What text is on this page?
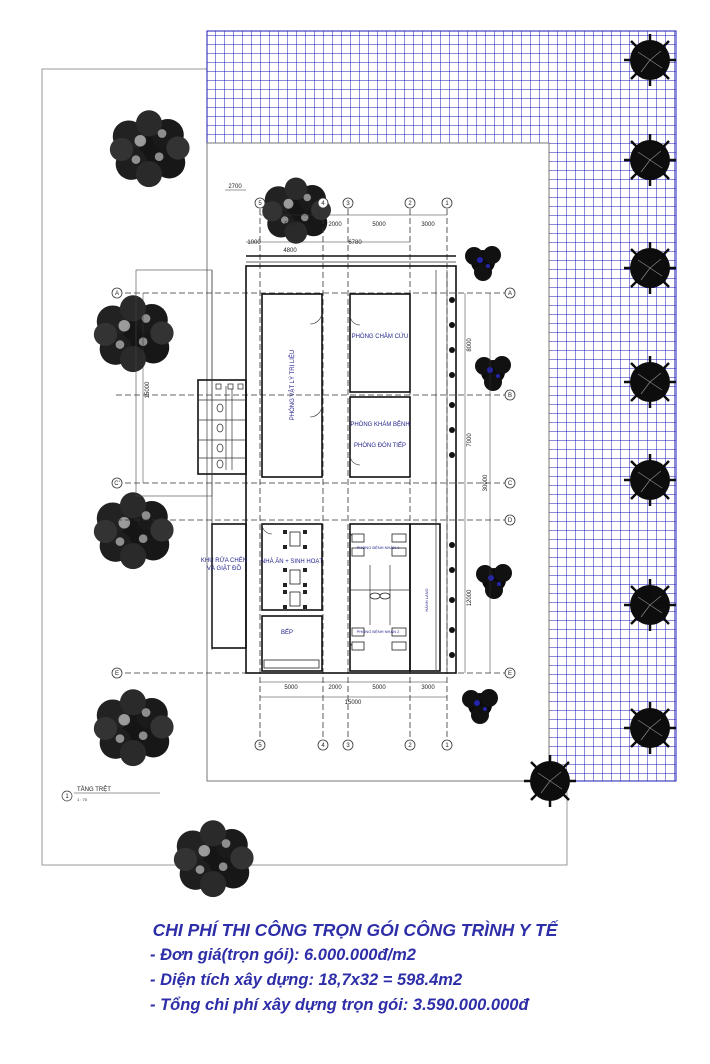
A
B
C
D
E
A
C'
E
5	4	3	2	1
5	4	3	2	1
2700
5000	2000	5000	3000
4800
1000	6780
5000	2000	5000	3000
15000
8000
7000
12000
30000
15000	PHÒNG VẬT LÝ TRỊ LIỆU
PHÒNG CHÂM CỨU
PHÒNG KHÁM BỆNH
PHÒNG ĐÓN TIẾP
NHÀ ĂN + SINH HOẠT
BẾP
KHU RỬA CHÉN
VÀ GIẶT ĐỒ
PHÒNG BỆNH NHÂN 1
PHÒNG BỆNH NHÂN 2
HÀNH LANG
1
TẦNG TRỆT
1 : 70
CHI PHÍ THI CÔNG TRỌN GÓI CÔNG TRÌNH Y TẾ
- Đơn giá(trọn gói): 6.000.000đ/m2
- Diện tích xây dựng: 18,7x32 = 598.4m2
- Tổng chi phí xây dựng trọn gói: 3.590.000.000đ
